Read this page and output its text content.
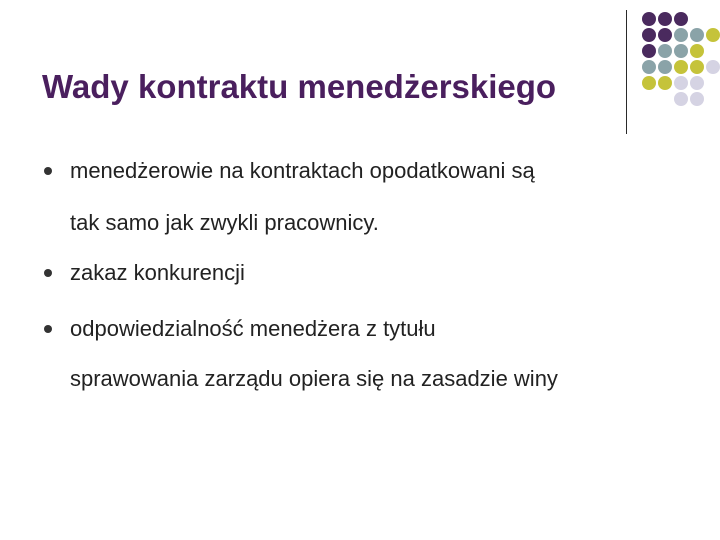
Wady kontraktu menedżerskiego
menedżerowie na kontraktach opodatkowani są
tak samo jak zwykli pracownicy.
zakaz konkurencji
odpowiedzialność menedżera z tytułu
sprawowania zarządu opiera się na zasadzie winy
